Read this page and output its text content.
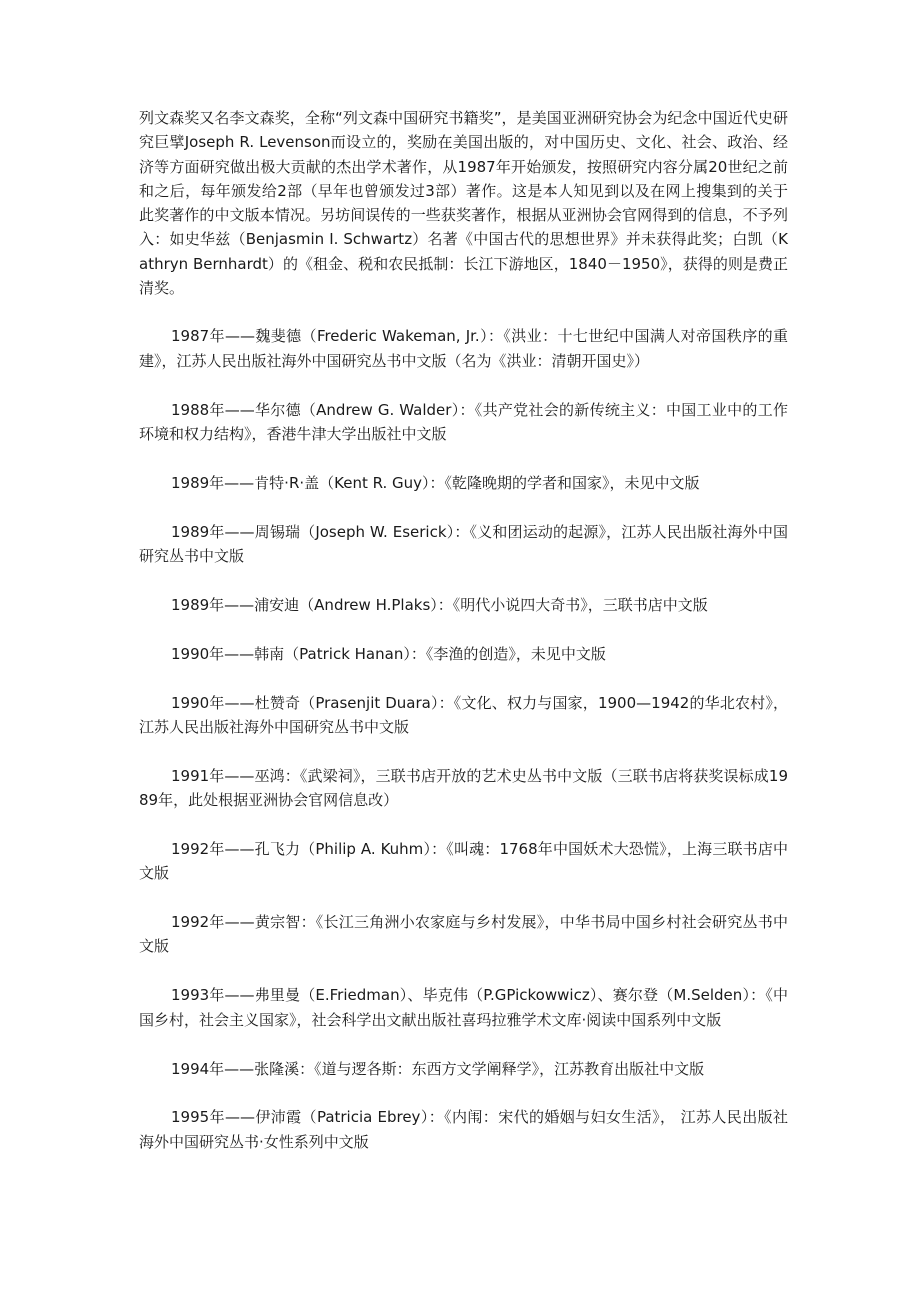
列文森奖又名李文森奖，全称“列文森中国研究书籍奖”，是美国亚洲研究协会为纪念中国近代史研究巨擘Joseph R. Levenson而设立的，奖励在美国出版的，对中国历史、文化、社会、政治、经济等方面研究做出极大贡献的杰出学术著作，从1987年开始颁发，按照研究内容分属20世纪之前和之后，每年颁发给2部（早年也曾颁发过3部）著作。这是本人知见到以及在网上搜集到的关于此奖著作的中文版本情况。另坊间误传的一些获奖著作，根据从亚洲协会官网得到的信息，不予列入：如史华兹（Benjasmin I. Schwartz）名著《中国古代的思想世界》并未获得此奖；白凯（Kathryn Bernhardt）的《租金、税和农民抵制：长江下游地区，1840－1950》，获得的则是费正清奖。

1987年——魏斐德（Frederic Wakeman, Jr.）：《洪业：十七世纪中国满人对帝国秩序的重建》，江苏人民出版社海外中国研究丛书中文版（名为《洪业：清朝开国史》）

1988年——华尔德（Andrew G. Walder）：《共产党社会的新传统主义：中国工业中的工作环境和权力结构》，香港牛津大学出版社中文版

1989年——肯特·R·盖（Kent R. Guy）：《乾隆晚期的学者和国家》，未见中文版

1989年——周锡瑞（Joseph W. Eserick）：《义和团运动的起源》，江苏人民出版社海外中国研究丛书中文版

1989年——浦安迪（Andrew H.Plaks）：《明代小说四大奇书》，三联书店中文版

1990年——韩南（Patrick Hanan）：《李渔的创造》，未见中文版

1990年——杜赞奇（Prasenjit Duara）：《文化、权力与国家，1900—1942的华北农村》，江苏人民出版社海外中国研究丛书中文版

1991年——巫鸿：《武梁祠》，三联书店开放的艺术史丛书中文版（三联书店将获奖误标成1989年，此处根据亚洲协会官网信息改）

1992年——孔飞力（Philip A. Kuhm）：《叫魂：1768年中国妖术大恐慌》，上海三联书店中文版

1992年——黄宗智：《长江三角洲小农家庭与乡村发展》，中华书局中国乡村社会研究丛书中文版

1993年——弗里曼（E.Friedman）、毕克伟（P.GPickowwicz）、赛尔登（M.Selden）：《中国乡村，社会主义国家》，社会科学出文献出版社喜玛拉雅学术文库·阅读中国系列中文版

1994年——张隆溪：《道与逻各斯：东西方文学阐释学》，江苏教育出版社中文版

1995年——伊沛霞（Patricia Ebrey）：《内闱：宋代的婚姻与妇女生活》， 江苏人民出版社海外中国研究丛书·女性系列中文版
